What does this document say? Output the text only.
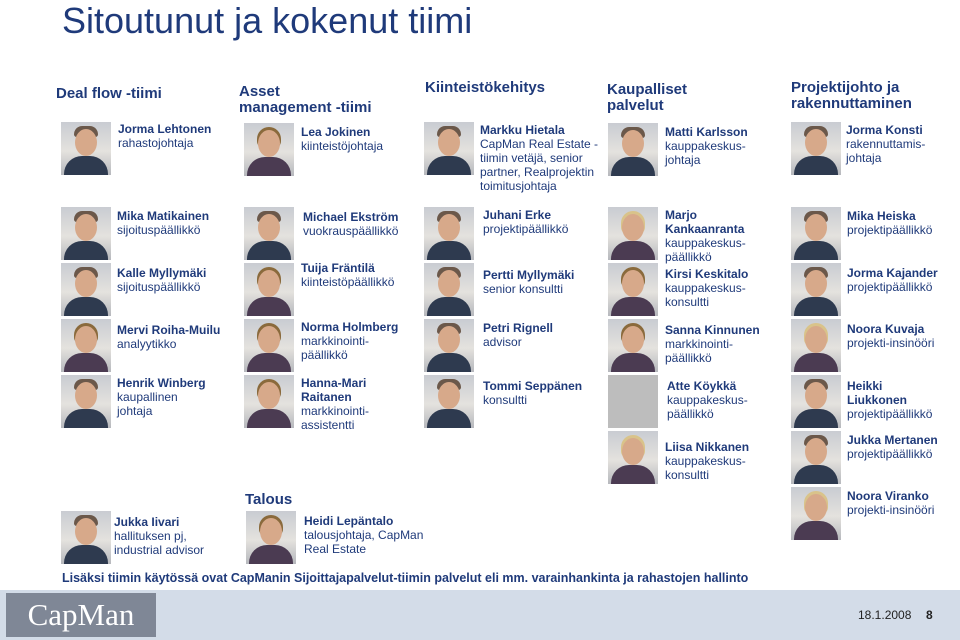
Sitoutunut ja kokenut tiimi
Deal flow -tiimi	Asset
management -tiimi
Kiinteistökehitys	Kaupalliset
palvelut
Projektijohto ja
rakennuttaminen
Talous
Jorma Lehtonen
rahastojohtaja
Lea Jokinen
kiinteistöjohtaja
Markku Hietala
CapMan Real Estate -
tiimin vetäjä, senior
partner, Realprojektin
toimitusjohtaja
Matti Karlsson
kauppakeskus-
johtaja
Jorma Konsti
rakennuttamis-
johtaja
Mika Matikainen
sijoituspäällikkö
Michael Ekström
vuokrauspäällikkö
Juhani Erke
projektipäällikkö
Marjo
Kankaanranta
kauppakeskus-
päällikkö
Mika Heiska
projektipäällikkö
Kalle Myllymäki
sijoituspäällikkö
Tuija Fräntilä
kiinteistöpäällikkö	Pertti Myllymäki
senior konsultti
Kirsi Keskitalo
kauppakeskus-
konsultti
Jorma Kajander
projektipäällikkö
Mervi Roiha-Muilu
analyytikko
Norma Holmberg
markkinointi-
päällikkö
Petri Rignell
advisor
Sanna Kinnunen
markkinointi-
päällikkö
Noora Kuvaja
projekti-insinööri
Henrik Winberg
kaupallinen
johtaja
Hanna-Mari
Raitanen
markkinointi-
assistentti
Tommi Seppänen
konsultti
Atte Köykkä
kauppakeskus-
päällikkö
Heikki
Liukkonen
projektipäällikkö
Liisa Nikkanen
kauppakeskus-
konsultti
Jukka Mertanen
projektipäällikkö
Jukka Iivari
hallituksen pj,
industrial advisor
Heidi Lepäntalo
talousjohtaja, CapMan
Real Estate
Noora Viranko
projekti-insinööri
Lisäksi tiimin käytössä ovat CapManin Sijoittajapalvelut-tiimin palvelut eli mm. varainhankinta ja rahastojen hallinto
CapMan	18.1.2008 8
